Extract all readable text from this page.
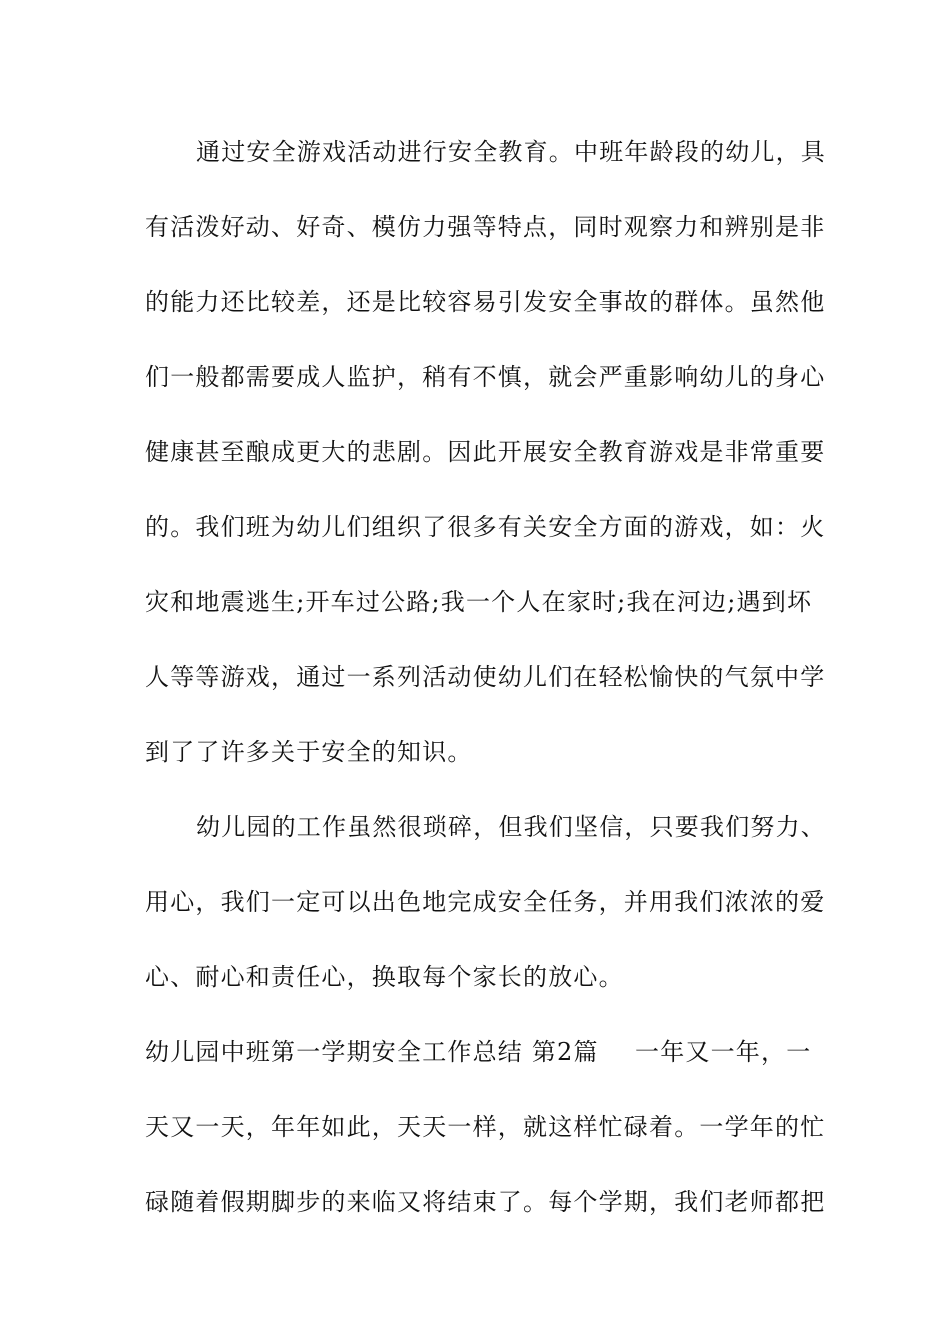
通过安全游戏活动进行安全教育。中班年龄段的幼儿，具
有活泼好动、好奇、模仿力强等特点，同时观察力和辨别是非
的能力还比较差，还是比较容易引发安全事故的群体。虽然他
们一般都需要成人监护，稍有不慎，就会严重影响幼儿的身心
健康甚至酿成更大的悲剧。因此开展安全教育游戏是非常重要
的。我们班为幼儿们组织了很多有关安全方面的游戏，如：火
灾和地震逃生;开车过公路;我一个人在家时;我在河边;遇到坏
人等等游戏，通过一系列活动使幼儿们在轻松愉快的气氛中学
到了了许多关于安全的知识。
幼儿园的工作虽然很琐碎，但我们坚信，只要我们努力、
用心，我们一定可以出色地完成安全任务，并用我们浓浓的爱
心、耐心和责任心，换取每个家长的放心。
幼儿园中班第一学期安全工作总结 第2篇 一年又一年，一
天又一天，年年如此，天天一样，就这样忙碌着。一学年的忙
碌随着假期脚步的来临又将结束了。每个学期，我们老师都把
